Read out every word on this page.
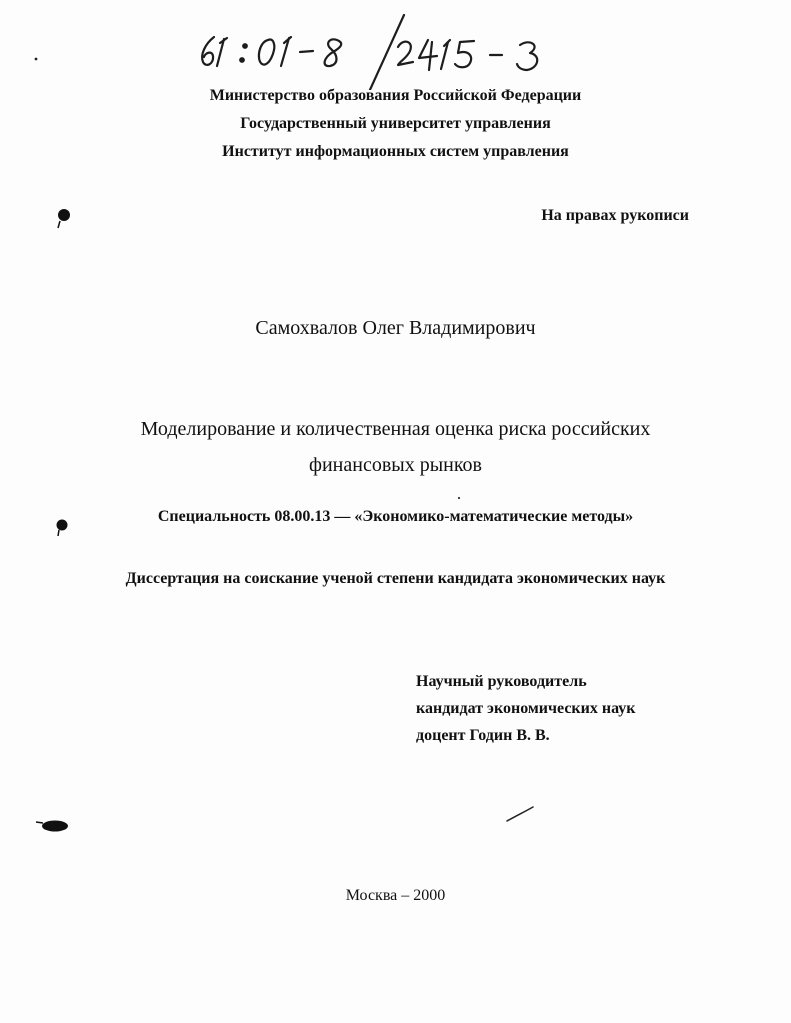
Министерство образования Российской Федерации
Государственный университет управления
Институт информационных систем управления
На правах рукописи
Самохвалов Олег Владимирович
Моделирование и количественная оценка риска российских
финансовых рынков
Специальность 08.00.13 — «Экономико-математические методы»
Диссертация на соискание ученой степени кандидата экономических наук
Научный руководитель
кандидат экономических наук
доцент Годин В. В.
Москва – 2000
